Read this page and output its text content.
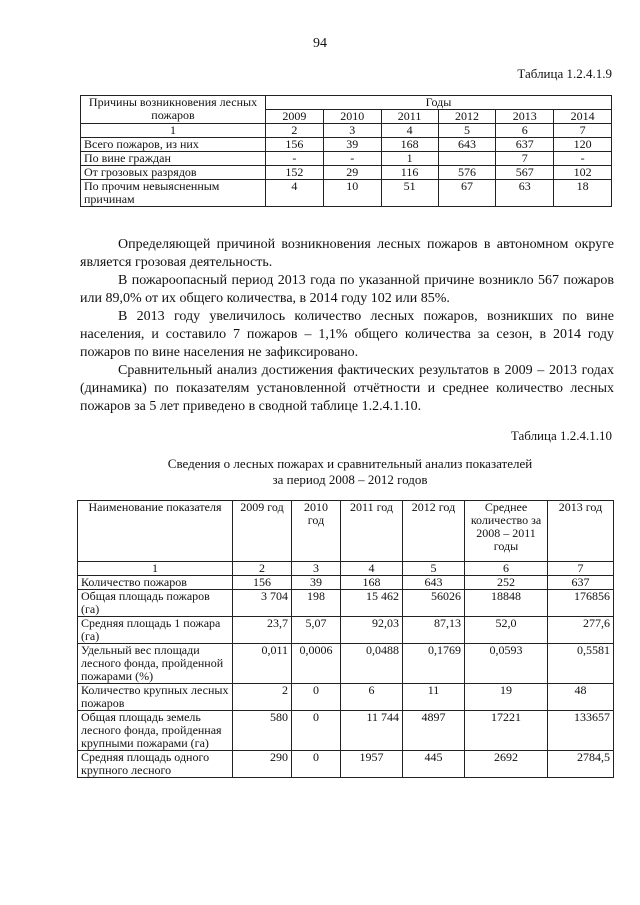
94
Таблица 1.2.4.1.9
Причины возникновения лесных пожаров	Годы					
	2009	2010	2011	2012	2013	2014
1	2	3	4	5	6	7
Всего пожаров, из них	156	39	168	643	637	120
По вине граждан	-	-	1		7	-
От грозовых разрядов	152	29	116	576	567	102
По прочим невыясненным причинам	4	10	51	67	63	18

Определяющей причиной возникновения лесных пожаров в автономном округе является грозовая деятельность.

В пожароопасный период 2013 года по указанной причине возникло 567 пожаров или 89,0% от их общего количества, в 2014 году 102 или 85%.

В 2013 году увеличилось количество лесных пожаров, возникших по вине населения, и составило 7 пожаров – 1,1% общего количества за сезон, в 2014 году пожаров по вине населения не зафиксировано.

Сравнительный анализ достижения фактических результатов в 2009 – 2013 годах (динамика) по показателям установленной отчётности и среднее количество лесных пожаров за 5 лет приведено в сводной таблице 1.2.4.1.10.

Таблица 1.2.4.1.10
Сведения о лесных пожарах и сравнительный анализ показателей
за период 2008 – 2012 годов
Наименование показателя	2009 год	2010 год	2011 год	2012 год	Среднее количество за 2008 – 2011 годы	2013 год
1	2	3	4	5	6	7
Количество пожаров	156	39	168	643	252	637
Общая площадь пожаров (га)	3 704	198	15 462	56026	18848	176856
Средняя площадь 1 пожара (га)	23,7	5,07	92,03	87,13	52,0	277,6
Удельный вес площади лесного фонда, пройденной пожарами (%)	0,011	0,0006	0,0488	0,1769	0,0593	0,5581
Количество крупных лесных пожаров	2	0	6	11	19	48
Общая площадь земель лесного фонда, пройденная крупными пожарами (га)	580	0	11 744	4897	17221	133657
Средняя площадь одного крупного лесного	290	0	1957	445	2692	2784,5
